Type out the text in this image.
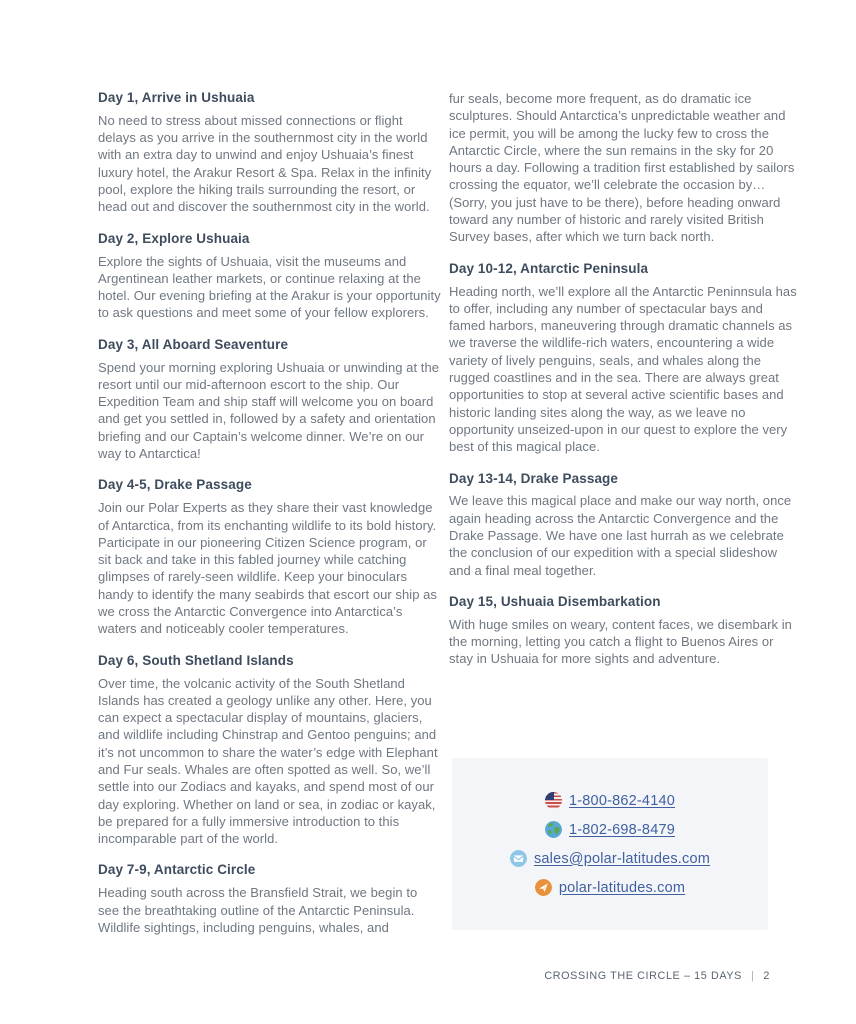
Day 1, Arrive in Ushuaia

No need to stress about missed connections or flight delays as you arrive in the southernmost city in the world with an extra day to unwind and enjoy Ushuaia’s finest luxury hotel, the Arakur Resort & Spa. Relax in the infinity pool, explore the hiking trails surrounding the resort, or head out and discover the southernmost city in the world.

Day 2, Explore Ushuaia

Explore the sights of Ushuaia, visit the museums and Argentinean leather markets, or continue relaxing at the hotel. Our evening briefing at the Arakur is your opportunity to ask questions and meet some of your fellow explorers.

Day 3, All Aboard Seaventure

Spend your morning exploring Ushuaia or unwinding at the resort until our mid-afternoon escort to the ship. Our Expedition Team and ship staff will welcome you on board and get you settled in, followed by a safety and orientation briefing and our Captain’s welcome dinner. We’re on our way to Antarctica!

Day 4-5, Drake Passage

Join our Polar Experts as they share their vast knowledge of Antarctica, from its enchanting wildlife to its bold history. Participate in our pioneering Citizen Science program, or sit back and take in this fabled journey while catching glimpses of rarely-seen wildlife. Keep your binoculars handy to identify the many seabirds that escort our ship as we cross the Antarctic Convergence into Antarctica’s waters and noticeably cooler temperatures.

Day 6, South Shetland Islands

Over time, the volcanic activity of the South Shetland Islands has created a geology unlike any other. Here, you can expect a spectacular display of mountains, glaciers, and wildlife including Chinstrap and Gentoo penguins; and it’s not uncommon to share the water’s edge with Elephant and Fur seals. Whales are often spotted as well. So, we’ll settle into our Zodiacs and kayaks, and spend most of our day exploring. Whether on land or sea, in zodiac or kayak, be prepared for a fully immersive introduction to this incomparable part of the world.

Day 7-9, Antarctic Circle

Heading south across the Bransfield Strait, we begin to see the breathtaking outline of the Antarctic Peninsula. Wildlife sightings, including penguins, whales, and

fur seals, become more frequent, as do dramatic ice sculptures. Should Antarctica’s unpredictable weather and ice permit, you will be among the lucky few to cross the Antarctic Circle, where the sun remains in the sky for 20 hours a day. Following a tradition first established by sailors crossing the equator, we’ll celebrate the occasion by… (Sorry, you just have to be there), before heading onward toward any number of historic and rarely visited British Survey bases, after which we turn back north.

Day 10-12, Antarctic Peninsula

Heading north, we’ll explore all the Antarctic Peninnsula has to offer, including any number of spectacular bays and famed harbors, maneuvering through dramatic channels as we traverse the wildlife-rich waters, encountering a wide variety of lively penguins, seals, and whales along the rugged coastlines and in the sea. There are always great opportunities to stop at several active scientific bases and historic landing sites along the way, as we leave no opportunity unseized-upon in our quest to explore the very best of this magical place.

Day 13-14, Drake Passage

We leave this magical place and make our way north, once again heading across the Antarctic Convergence and the Drake Passage. We have one last hurrah as we celebrate the conclusion of our expedition with a special slideshow and a final meal together.

Day 15, Ushuaia Disembarkation

With huge smiles on weary, content faces, we disembark in the morning, letting you catch a flight to Buenos Aires or stay in Ushuaia for more sights and adventure.

1-800-862-4140
1-802-698-8479
sales@polar-latitudes.com
polar-latitudes.com
CROSSING THE CIRCLE – 15 DAYS | 2
